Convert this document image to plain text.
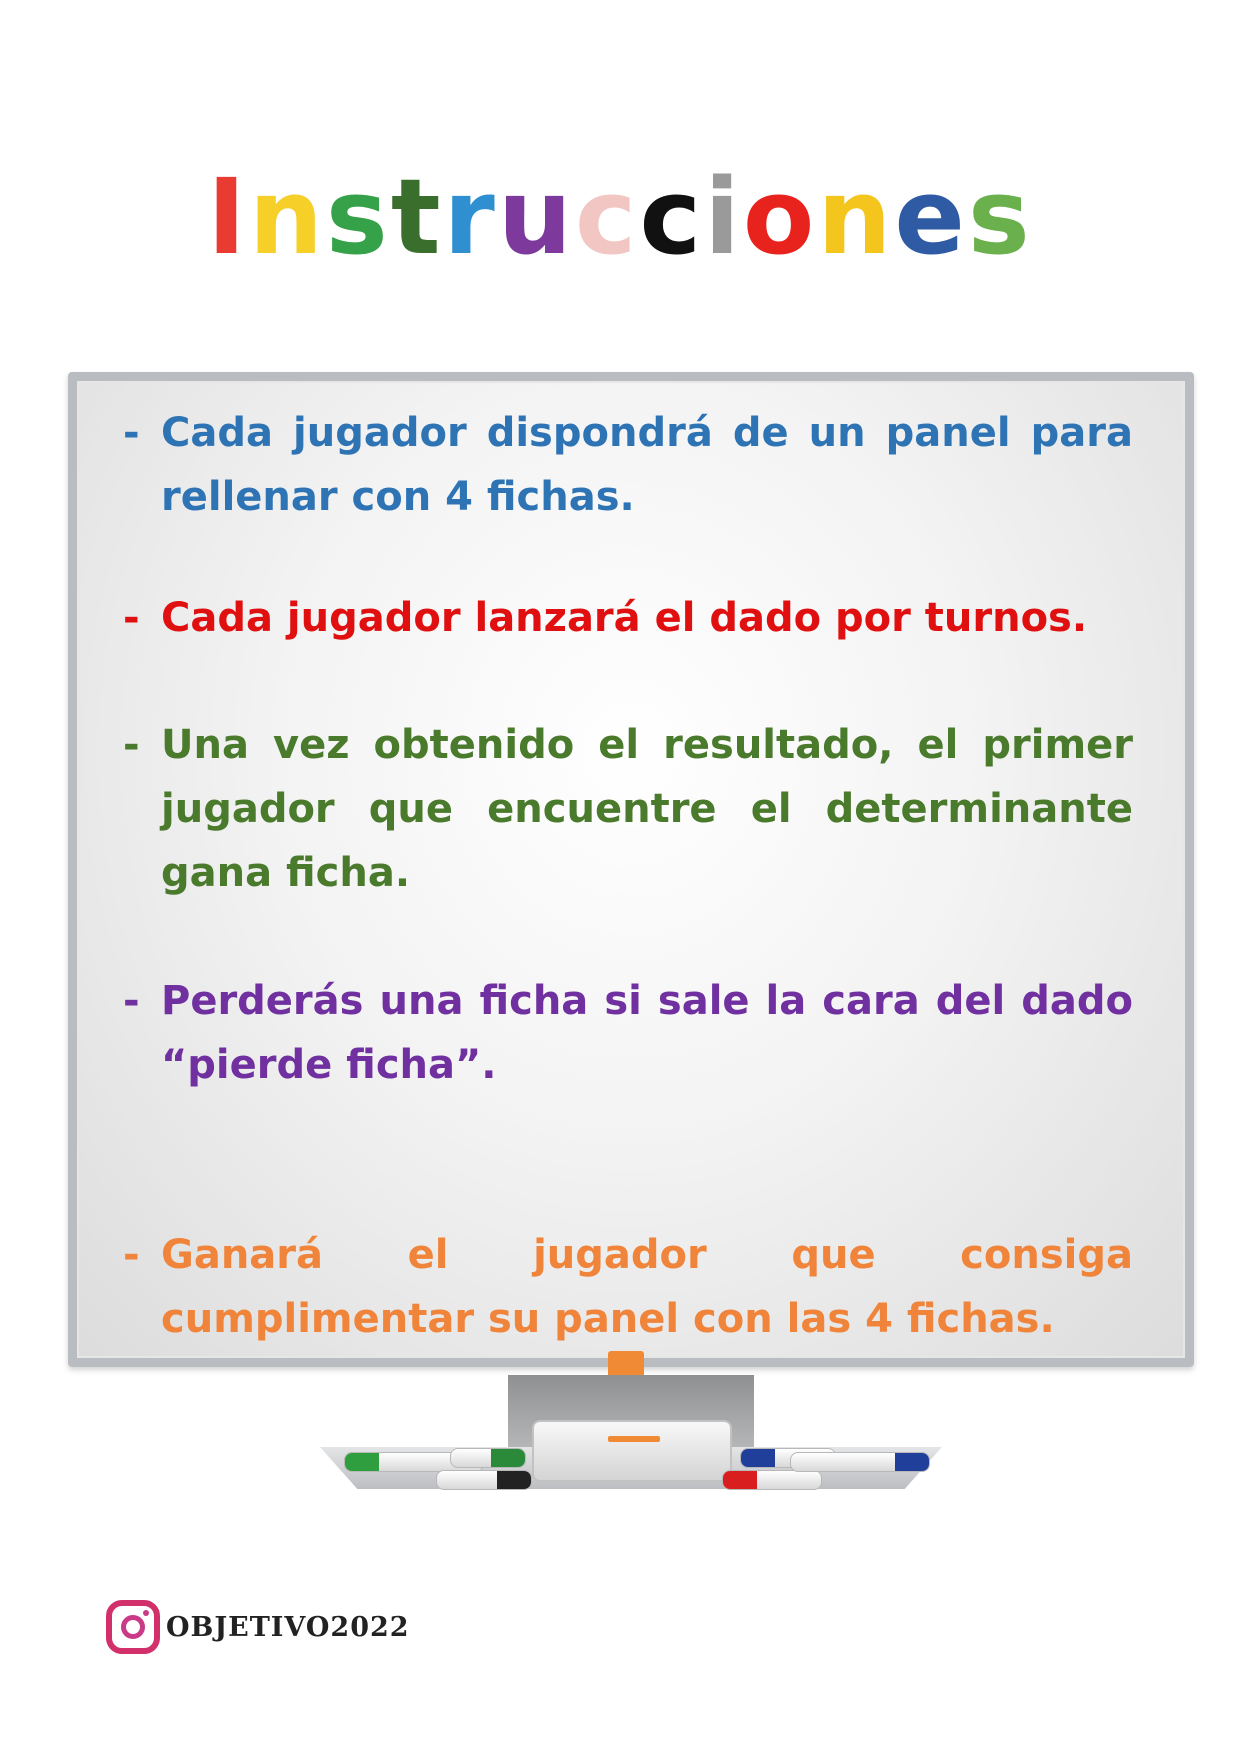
Instrucciones
- Cada jugador dispondrá de un panel para rellenar con 4 fichas.
- Cada jugador lanzará el dado por turnos.
- Una vez obtenido el resultado, el primer jugador que encuentre el determinante gana ficha.
- Perderás una ficha si sale la cara del dado “pierde ficha”.
- Ganará el jugador que consiga cumplimentar su panel con las 4 fichas.
OBJETIVO2022
